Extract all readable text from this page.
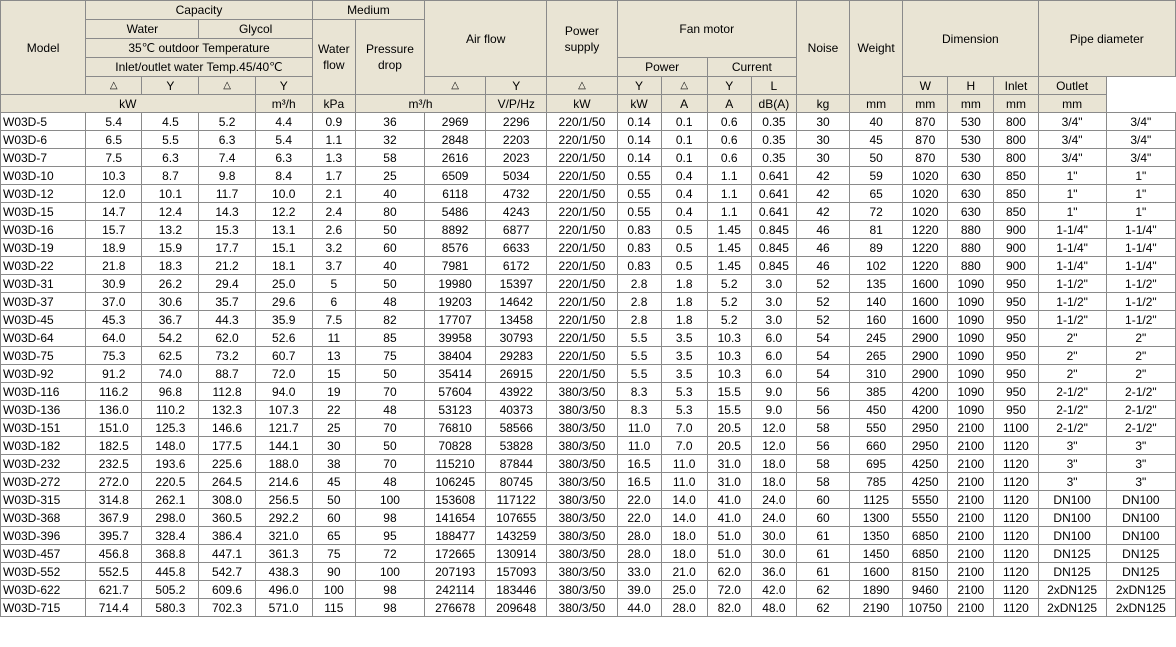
Model	Capacity				Medium		Air flow		Power supply	Fan motor				Noise	Weight	Dimension			Pipe diameter	
	Water		Glycol		Water flow	Pressure drop														
	35℃ outdoor Temperature																			
	Inlet/outlet water Temp.45/40℃									Power		Current								
	△	Y	△	Y			△	Y	△	Y	△	Y	L			W	H	Inlet	Outlet	
kW				m³/h	kPa	m³/h		V/P/Hz	kW	kW	A	A	dB(A)	kg	mm	mm	mm	mm	mm	
W03D-5	5.4	4.5	5.2	4.4	0.9	36	2969	2296	220/1/50	0.14	0.1	0.6	0.35	30	40	870	530	800	3/4"	3/4"
W03D-6	6.5	5.5	6.3	5.4	1.1	32	2848	2203	220/1/50	0.14	0.1	0.6	0.35	30	45	870	530	800	3/4"	3/4"
W03D-7	7.5	6.3	7.4	6.3	1.3	58	2616	2023	220/1/50	0.14	0.1	0.6	0.35	30	50	870	530	800	3/4"	3/4"
W03D-10	10.3	8.7	9.8	8.4	1.7	25	6509	5034	220/1/50	0.55	0.4	1.1	0.641	42	59	1020	630	850	1"	1"
W03D-12	12.0	10.1	11.7	10.0	2.1	40	6118	4732	220/1/50	0.55	0.4	1.1	0.641	42	65	1020	630	850	1"	1"
W03D-15	14.7	12.4	14.3	12.2	2.4	80	5486	4243	220/1/50	0.55	0.4	1.1	0.641	42	72	1020	630	850	1"	1"
W03D-16	15.7	13.2	15.3	13.1	2.6	50	8892	6877	220/1/50	0.83	0.5	1.45	0.845	46	81	1220	880	900	1-1/4"	1-1/4"
W03D-19	18.9	15.9	17.7	15.1	3.2	60	8576	6633	220/1/50	0.83	0.5	1.45	0.845	46	89	1220	880	900	1-1/4"	1-1/4"
W03D-22	21.8	18.3	21.2	18.1	3.7	40	7981	6172	220/1/50	0.83	0.5	1.45	0.845	46	102	1220	880	900	1-1/4"	1-1/4"
W03D-31	30.9	26.2	29.4	25.0	5	50	19980	15397	220/1/50	2.8	1.8	5.2	3.0	52	135	1600	1090	950	1-1/2"	1-1/2"
W03D-37	37.0	30.6	35.7	29.6	6	48	19203	14642	220/1/50	2.8	1.8	5.2	3.0	52	140	1600	1090	950	1-1/2"	1-1/2"
W03D-45	45.3	36.7	44.3	35.9	7.5	82	17707	13458	220/1/50	2.8	1.8	5.2	3.0	52	160	1600	1090	950	1-1/2"	1-1/2"
W03D-64	64.0	54.2	62.0	52.6	11	85	39958	30793	220/1/50	5.5	3.5	10.3	6.0	54	245	2900	1090	950	2"	2"
W03D-75	75.3	62.5	73.2	60.7	13	75	38404	29283	220/1/50	5.5	3.5	10.3	6.0	54	265	2900	1090	950	2"	2"
W03D-92	91.2	74.0	88.7	72.0	15	50	35414	26915	220/1/50	5.5	3.5	10.3	6.0	54	310	2900	1090	950	2"	2"
W03D-116	116.2	96.8	112.8	94.0	19	70	57604	43922	380/3/50	8.3	5.3	15.5	9.0	56	385	4200	1090	950	2-1/2"	2-1/2"
W03D-136	136.0	110.2	132.3	107.3	22	48	53123	40373	380/3/50	8.3	5.3	15.5	9.0	56	450	4200	1090	950	2-1/2"	2-1/2"
W03D-151	151.0	125.3	146.6	121.7	25	70	76810	58566	380/3/50	11.0	7.0	20.5	12.0	58	550	2950	2100	1100	2-1/2"	2-1/2"
W03D-182	182.5	148.0	177.5	144.1	30	50	70828	53828	380/3/50	11.0	7.0	20.5	12.0	56	660	2950	2100	1120	3"	3"
W03D-232	232.5	193.6	225.6	188.0	38	70	115210	87844	380/3/50	16.5	11.0	31.0	18.0	58	695	4250	2100	1120	3"	3"
W03D-272	272.0	220.5	264.5	214.6	45	48	106245	80745	380/3/50	16.5	11.0	31.0	18.0	58	785	4250	2100	1120	3"	3"
W03D-315	314.8	262.1	308.0	256.5	50	100	153608	117122	380/3/50	22.0	14.0	41.0	24.0	60	1125	5550	2100	1120	DN100	DN100
W03D-368	367.9	298.0	360.5	292.2	60	98	141654	107655	380/3/50	22.0	14.0	41.0	24.0	60	1300	5550	2100	1120	DN100	DN100
W03D-396	395.7	328.4	386.4	321.0	65	95	188477	143259	380/3/50	28.0	18.0	51.0	30.0	61	1350	6850	2100	1120	DN100	DN100
W03D-457	456.8	368.8	447.1	361.3	75	72	172665	130914	380/3/50	28.0	18.0	51.0	30.0	61	1450	6850	2100	1120	DN125	DN125
W03D-552	552.5	445.8	542.7	438.3	90	100	207193	157093	380/3/50	33.0	21.0	62.0	36.0	61	1600	8150	2100	1120	DN125	DN125
W03D-622	621.7	505.2	609.6	496.0	100	98	242114	183446	380/3/50	39.0	25.0	72.0	42.0	62	1890	9460	2100	1120	2xDN125	2xDN125
W03D-715	714.4	580.3	702.3	571.0	115	98	276678	209648	380/3/50	44.0	28.0	82.0	48.0	62	2190	10750	2100	1120	2xDN125	2xDN125
